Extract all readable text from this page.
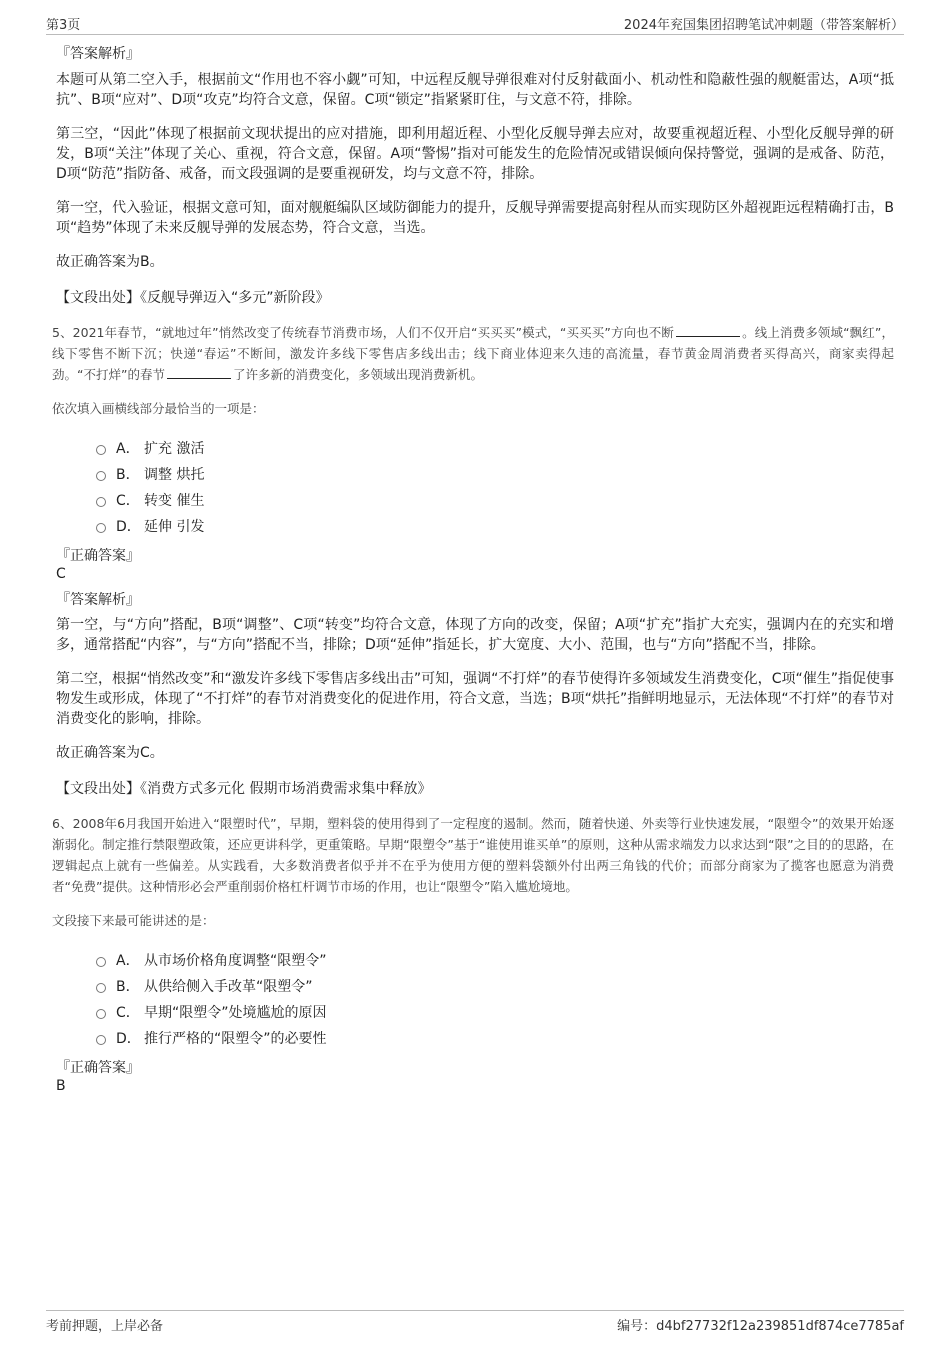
第3页	2024年兖国集团招聘笔试冲刺题（带答案解析）

『答案解析』

本题可从第二空入手，根据前文“作用也不容小觑”可知，中远程反舰导弹很难对付反射截面小、机动性和隐蔽性强的舰艇雷达，A项“抵抗”、B项“应对”、D项“攻克”均符合文意，保留。C项“锁定”指紧紧盯住，与文意不符，排除。

第三空，“因此”体现了根据前文现状提出的应对措施，即利用超近程、小型化反舰导弹去应对，故要重视超近程、小型化反舰导弹的研发，B项“关注”体现了关心、重视，符合文意，保留。A项“警惕”指对可能发生的危险情况或错误倾向保持警觉，强调的是戒备、防范，D项“防范”指防备、戒备，而文段强调的是要重视研发，均与文意不符，排除。

第一空，代入验证，根据文意可知，面对舰艇编队区域防御能力的提升，反舰导弹需要提高射程从而实现防区外超视距远程精确打击，B项“趋势”体现了未来反舰导弹的发展态势，符合文意，当选。

故正确答案为B。

【文段出处】《反舰导弹迈入“多元”新阶段》

5、2021年春节，“就地过年”悄然改变了传统春节消费市场，人们不仅开启“买买买”模式，“买买买”方向也不断	。线上消费多领域“飘红”，线下零售不断下沉；快递“春运”不断间，激发许多线下零售店多线出击；线下商业体迎来久违的高流量，春节黄金周消费者买得高兴，商家卖得起劲。“不打烊”的春节	了许多新的消费变化，多领域出现消费新机。

依次填入画横线部分最恰当的一项是：

A． 扩充 激活
B． 调整 烘托
C． 转变 催生
D． 延伸 引发

『正确答案』

C

『答案解析』

第一空，与“方向”搭配，B项“调整”、C项“转变”均符合文意，体现了方向的改变，保留；A项“扩充”指扩大充实，强调内在的充实和增多，通常搭配“内容”，与“方向”搭配不当，排除；D项“延伸”指延长，扩大宽度、大小、范围，也与“方向”搭配不当，排除。

第二空，根据“悄然改变”和“激发许多线下零售店多线出击”可知，强调“不打烊”的春节使得许多领域发生消费变化，C项“催生”指促使事物发生或形成，体现了“不打烊”的春节对消费变化的促进作用，符合文意，当选；B项“烘托”指鲜明地显示，无法体现“不打烊”的春节对消费变化的影响，排除。

故正确答案为C。

【文段出处】《消费方式多元化 假期市场消费需求集中释放》

6、2008年6月我国开始进入“限塑时代”，早期，塑料袋的使用得到了一定程度的遏制。然而，随着快递、外卖等行业快速发展，“限塑令”的效果开始逐渐弱化。制定推行禁限塑政策，还应更讲科学，更重策略。早期“限塑令”基于“谁使用谁买单”的原则，这种从需求端发力以求达到“限”之目的的思路，在逻辑起点上就有一些偏差。从实践看，大多数消费者似乎并不在乎为使用方便的塑料袋额外付出两三角钱的代价；而部分商家为了揽客也愿意为消费者“免费”提供。这种情形必会严重削弱价格杠杆调节市场的作用，也让“限塑令”陷入尴尬境地。

文段接下来最可能讲述的是：

A． 从市场价格角度调整“限塑令”
B． 从供给侧入手改革“限塑令”
C． 早期“限塑令”处境尴尬的原因
D． 推行严格的“限塑令”的必要性

『正确答案』

B

考前押题，上岸必备	编号：d4bf27732f12a239851df874ce7785af
